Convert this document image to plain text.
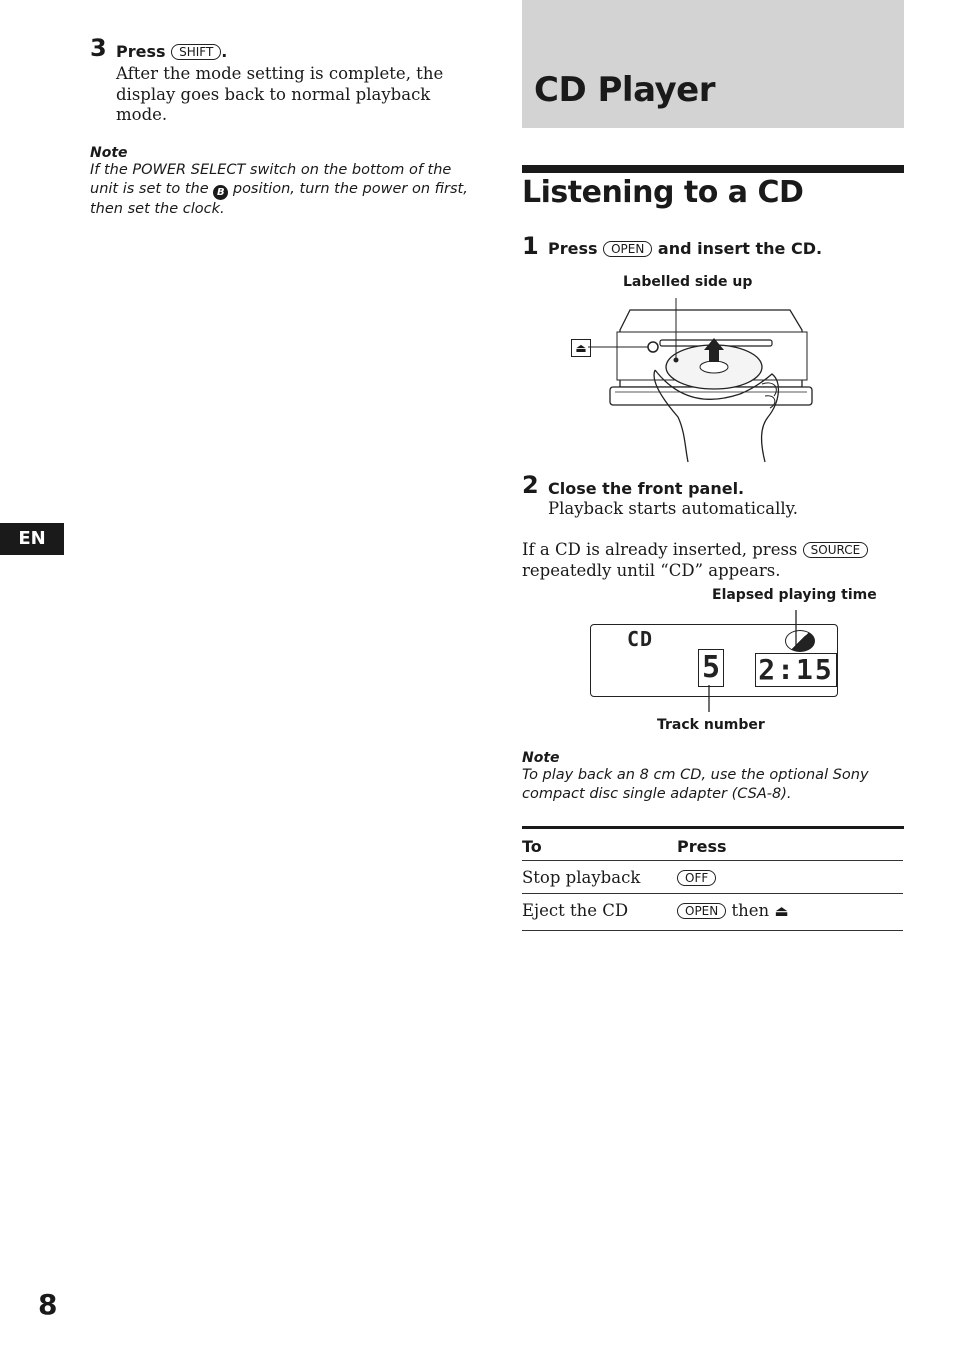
3 Press SHIFT .
After the mode setting is complete, the display goes back to normal playback mode.
Note
If the POWER SELECT switch on the bottom of the unit is set to the B position, turn the power on first, then set the clock.
EN
8
CD Player
Listening to a CD
1 Press OPEN and insert the CD.
Labelled side up
⏏
2 Close the front panel.
Playback starts automatically.
If a CD is already inserted, press SOURCE repeatedly until “CD” appears.
Elapsed playing time
CD
5 2:15
Track number
Note
To play back an 8 cm CD, use the optional Sony compact disc single adapter (CSA-8).
To	Press
Stop playback	OFF
Eject the CD	OPEN then ⏏
